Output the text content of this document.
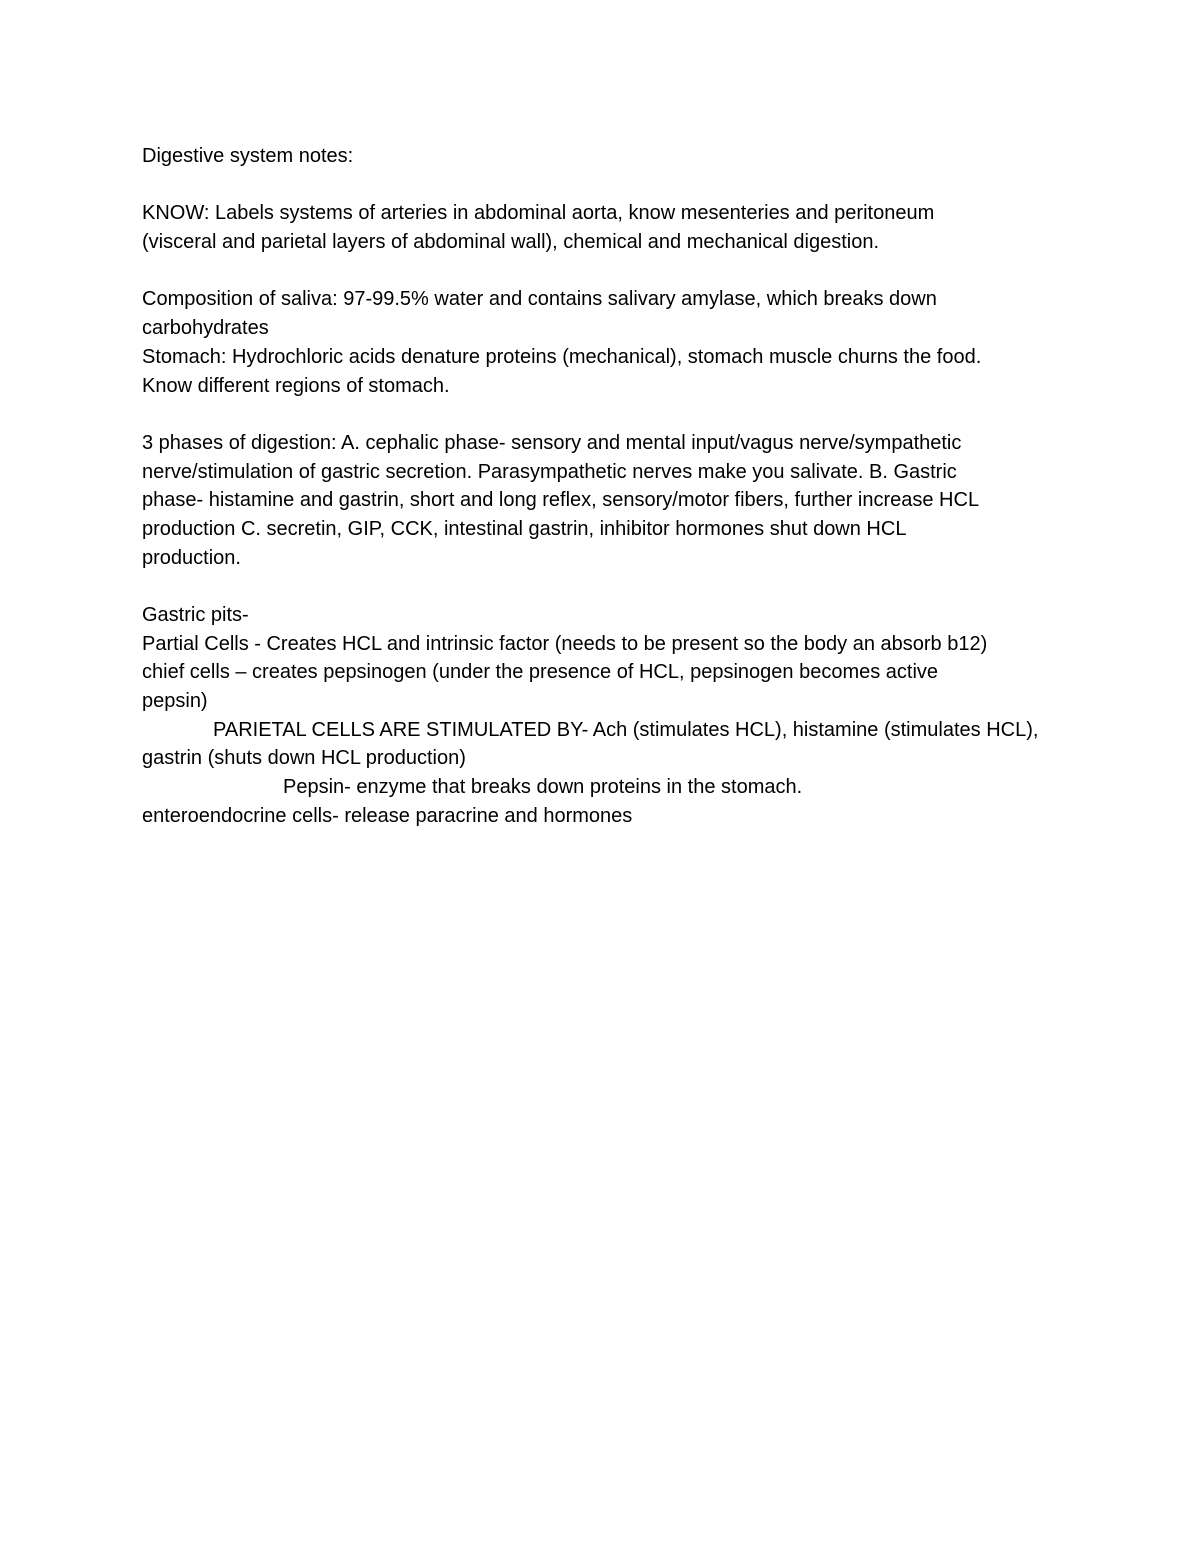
Digestive system notes:
KNOW: Labels systems of arteries in abdominal aorta, know mesenteries and peritoneum
(visceral and parietal layers of abdominal wall), chemical and mechanical digestion.
Composition of saliva: 97-99.5% water and contains salivary amylase, which breaks down
carbohydrates
Stomach: Hydrochloric acids denature proteins (mechanical), stomach muscle churns the food.
Know different regions of stomach.
3 phases of digestion: A. cephalic phase- sensory and mental input/vagus nerve/sympathetic
nerve/stimulation of gastric secretion. Parasympathetic nerves make you salivate. B. Gastric
phase- histamine and gastrin, short and long reflex, sensory/motor fibers, further increase HCL
production C. secretin, GIP, CCK, intestinal gastrin, inhibitor hormones shut down HCL
production.
Gastric pits-
Partial Cells - Creates HCL and intrinsic factor (needs to be present so the body an absorb b12)
chief cells – creates pepsinogen (under the presence of HCL, pepsinogen becomes active
pepsin)
PARIETAL CELLS ARE STIMULATED BY- Ach (stimulates HCL), histamine (stimulates HCL),
gastrin (shuts down HCL production)
Pepsin- enzyme that breaks down proteins in the stomach.
enteroendocrine cells- release paracrine and hormones
